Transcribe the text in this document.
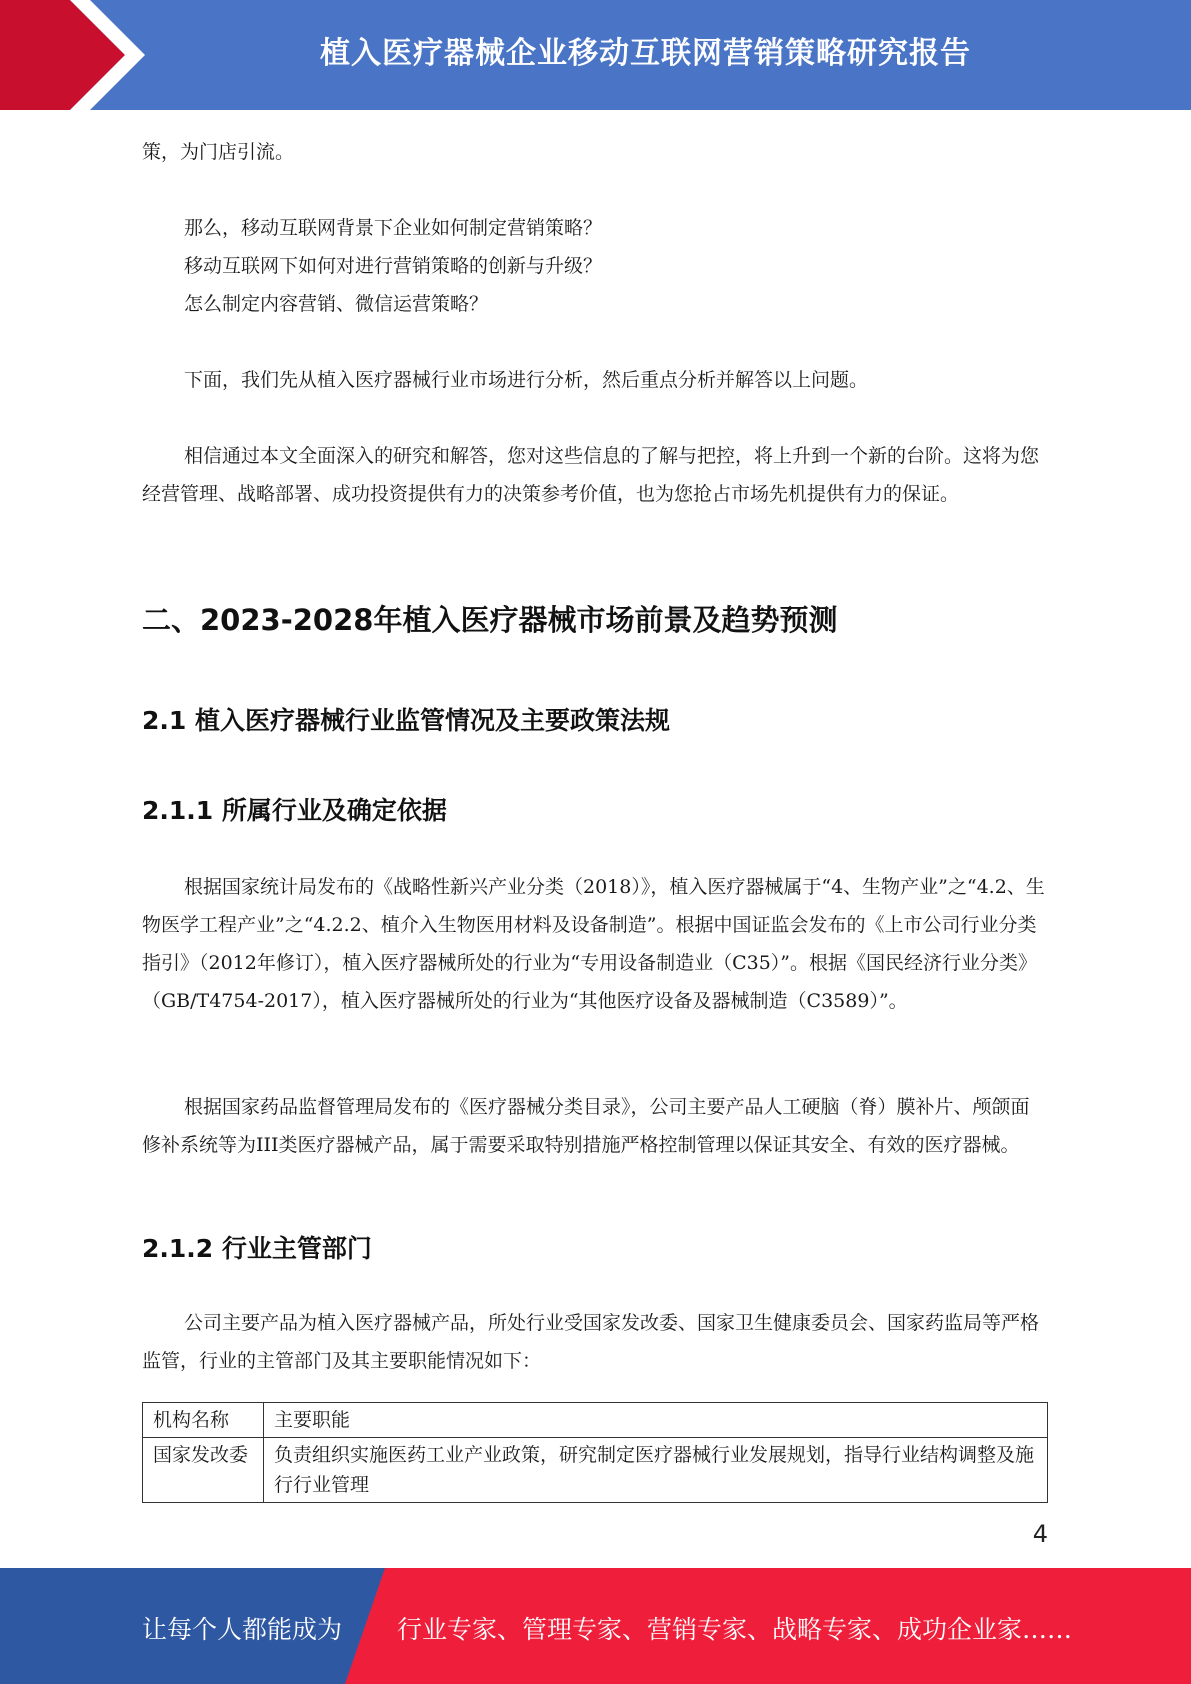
植入医疗器械企业移动互联网营销策略研究报告

策，为门店引流。

那么，移动互联网背景下企业如何制定营销策略？

移动互联网下如何对进行营销策略的创新与升级？

怎么制定内容营销、微信运营策略？

下面，我们先从植入医疗器械行业市场进行分析，然后重点分析并解答以上问题。

相信通过本文全面深入的研究和解答，您对这些信息的了解与把控，将上升到一个新的台阶。这将为您经营管理、战略部署、成功投资提供有力的决策参考价值，也为您抢占市场先机提供有力的保证。

二、2023-2028年植入医疗器械市场前景及趋势预测
2.1 植入医疗器械行业监管情况及主要政策法规
2.1.1 所属行业及确定依据

根据国家统计局发布的《战略性新兴产业分类（2018）》，植入医疗器械属于“4、生物产业”之“4.2、生物医学工程产业”之“4.2.2、植介入生物医用材料及设备制造”。根据中国证监会发布的《上市公司行业分类指引》（2012年修订），植入医疗器械所处的行业为“专用设备制造业（C35）”。根据《国民经济行业分类》（GB/T4754-2017），植入医疗器械所处的行业为“其他医疗设备及器械制造（C3589）”。

根据国家药品监督管理局发布的《医疗器械分类目录》，公司主要产品人工硬脑（脊）膜补片、颅颌面修补系统等为III类医疗器械产品，属于需要采取特别措施严格控制管理以保证其安全、有效的医疗器械。

2.1.2 行业主管部门

公司主要产品为植入医疗器械产品，所处行业受国家发改委、国家卫生健康委员会、国家药监局等严格监管，行业的主管部门及其主要职能情况如下：

机构名称	主要职能
国家发改委	负责组织实施医药工业产业政策，研究制定医疗器械行业发展规划，指导行业结构调整及施行行业管理
4
让每个人都能成为 行业专家、管理专家、营销专家、战略专家、成功企业家……
